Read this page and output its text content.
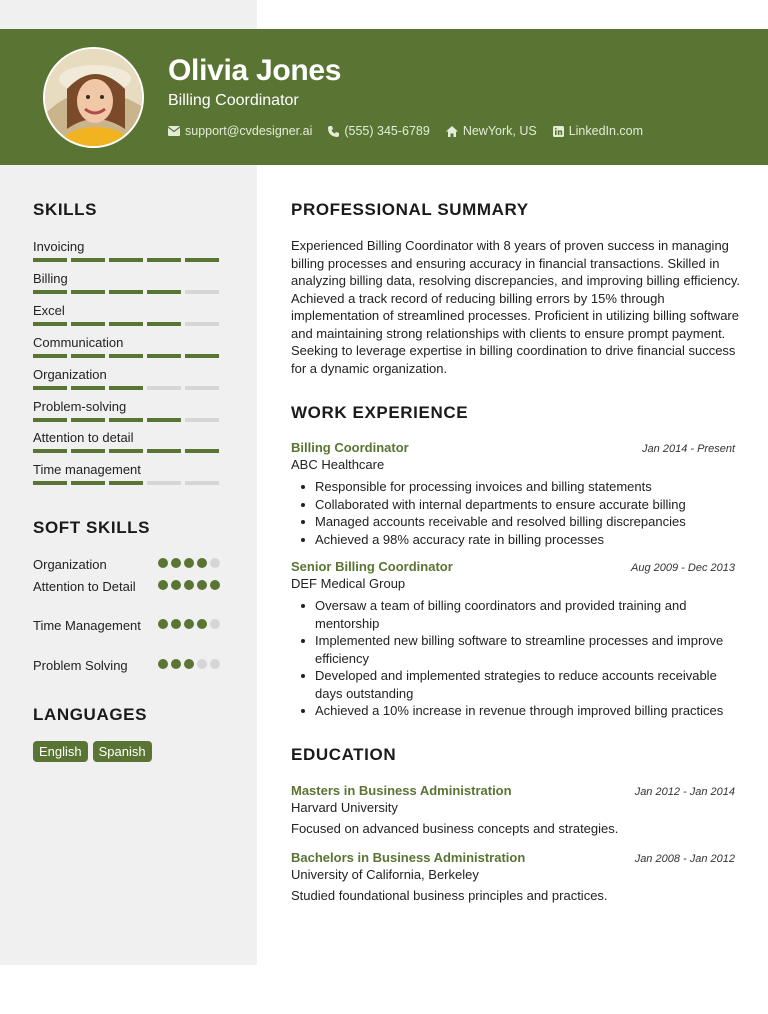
Olivia Jones
Billing Coordinator
support@cvdesigner.ai	(555) 345-6789	NewYork, US	LinkedIn.com
SKILLS
Invoicing
Billing
Excel
Communication
Organization
Problem-solving
Attention to detail
Time management
SOFT SKILLS
Organization
Attention to Detail
Time Management
Problem Solving
LANGUAGES
English	Spanish
PROFESSIONAL SUMMARY
Experienced Billing Coordinator with 8 years of proven success in managing billing processes and ensuring accuracy in financial transactions. Skilled in analyzing billing data, resolving discrepancies, and improving billing efficiency. Achieved a track record of reducing billing errors by 15% through implementation of streamlined processes. Proficient in utilizing billing software and maintaining strong relationships with clients to ensure prompt payment. Seeking to leverage expertise in billing coordination to drive financial success for a dynamic organization.
WORK EXPERIENCE
Billing Coordinator	Jan 2014 - Present
ABC Healthcare
Responsible for processing invoices and billing statements
Collaborated with internal departments to ensure accurate billing
Managed accounts receivable and resolved billing discrepancies
Achieved a 98% accuracy rate in billing processes
Senior Billing Coordinator	Aug 2009 - Dec 2013
DEF Medical Group
Oversaw a team of billing coordinators and provided training and mentorship
Implemented new billing software to streamline processes and improve efficiency
Developed and implemented strategies to reduce accounts receivable days outstanding
Achieved a 10% increase in revenue through improved billing practices
EDUCATION
Masters in Business Administration	Jan 2012 - Jan 2014
Harvard University
Focused on advanced business concepts and strategies.
Bachelors in Business Administration	Jan 2008 - Jan 2012
University of California, Berkeley
Studied foundational business principles and practices.
